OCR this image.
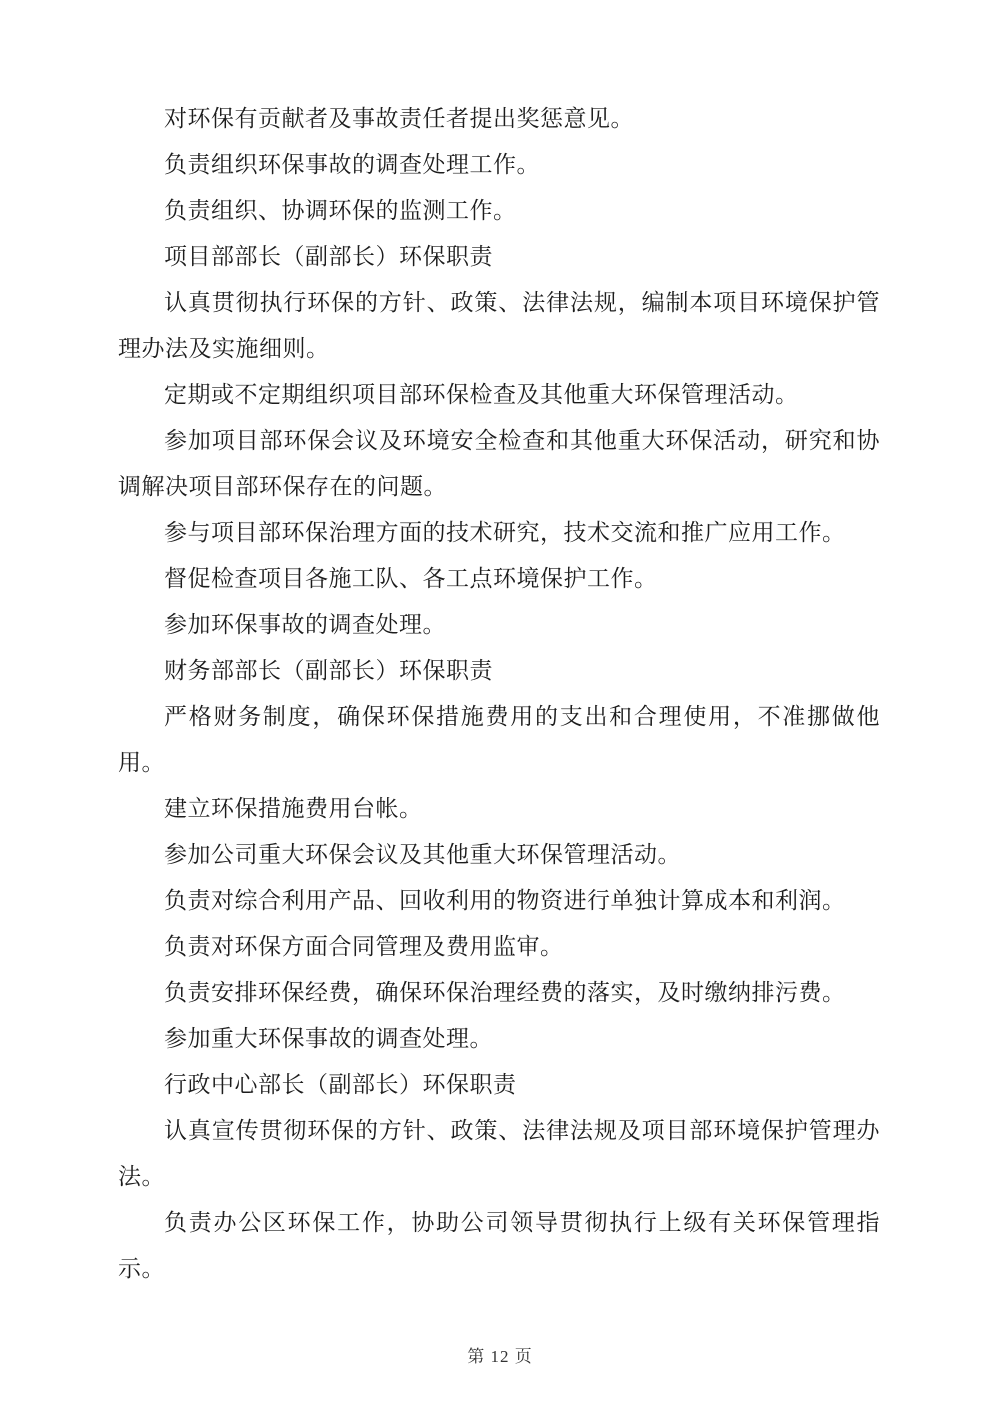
对环保有贡献者及事故责任者提出奖惩意见。

负责组织环保事故的调查处理工作。

负责组织、协调环保的监测工作。

项目部部长（副部长）环保职责

认真贯彻执行环保的方针、政策、法律法规，编制本项目环境保护管理办法及实施细则。

定期或不定期组织项目部环保检查及其他重大环保管理活动。

参加项目部环保会议及环境安全检查和其他重大环保活动，研究和协调解决项目部环保存在的问题。

参与项目部环保治理方面的技术研究，技术交流和推广应用工作。

督促检查项目各施工队、各工点环境保护工作。

参加环保事故的调查处理。

财务部部长（副部长）环保职责

严格财务制度，确保环保措施费用的支出和合理使用，不准挪做他用。

建立环保措施费用台帐。

参加公司重大环保会议及其他重大环保管理活动。

负责对综合利用产品、回收利用的物资进行单独计算成本和利润。

负责对环保方面合同管理及费用监审。

负责安排环保经费，确保环保治理经费的落实，及时缴纳排污费。

参加重大环保事故的调查处理。

行政中心部长（副部长）环保职责

认真宣传贯彻环保的方针、政策、法律法规及项目部环境保护管理办法。

负责办公区环保工作，协助公司领导贯彻执行上级有关环保管理指示。

第 12 页
